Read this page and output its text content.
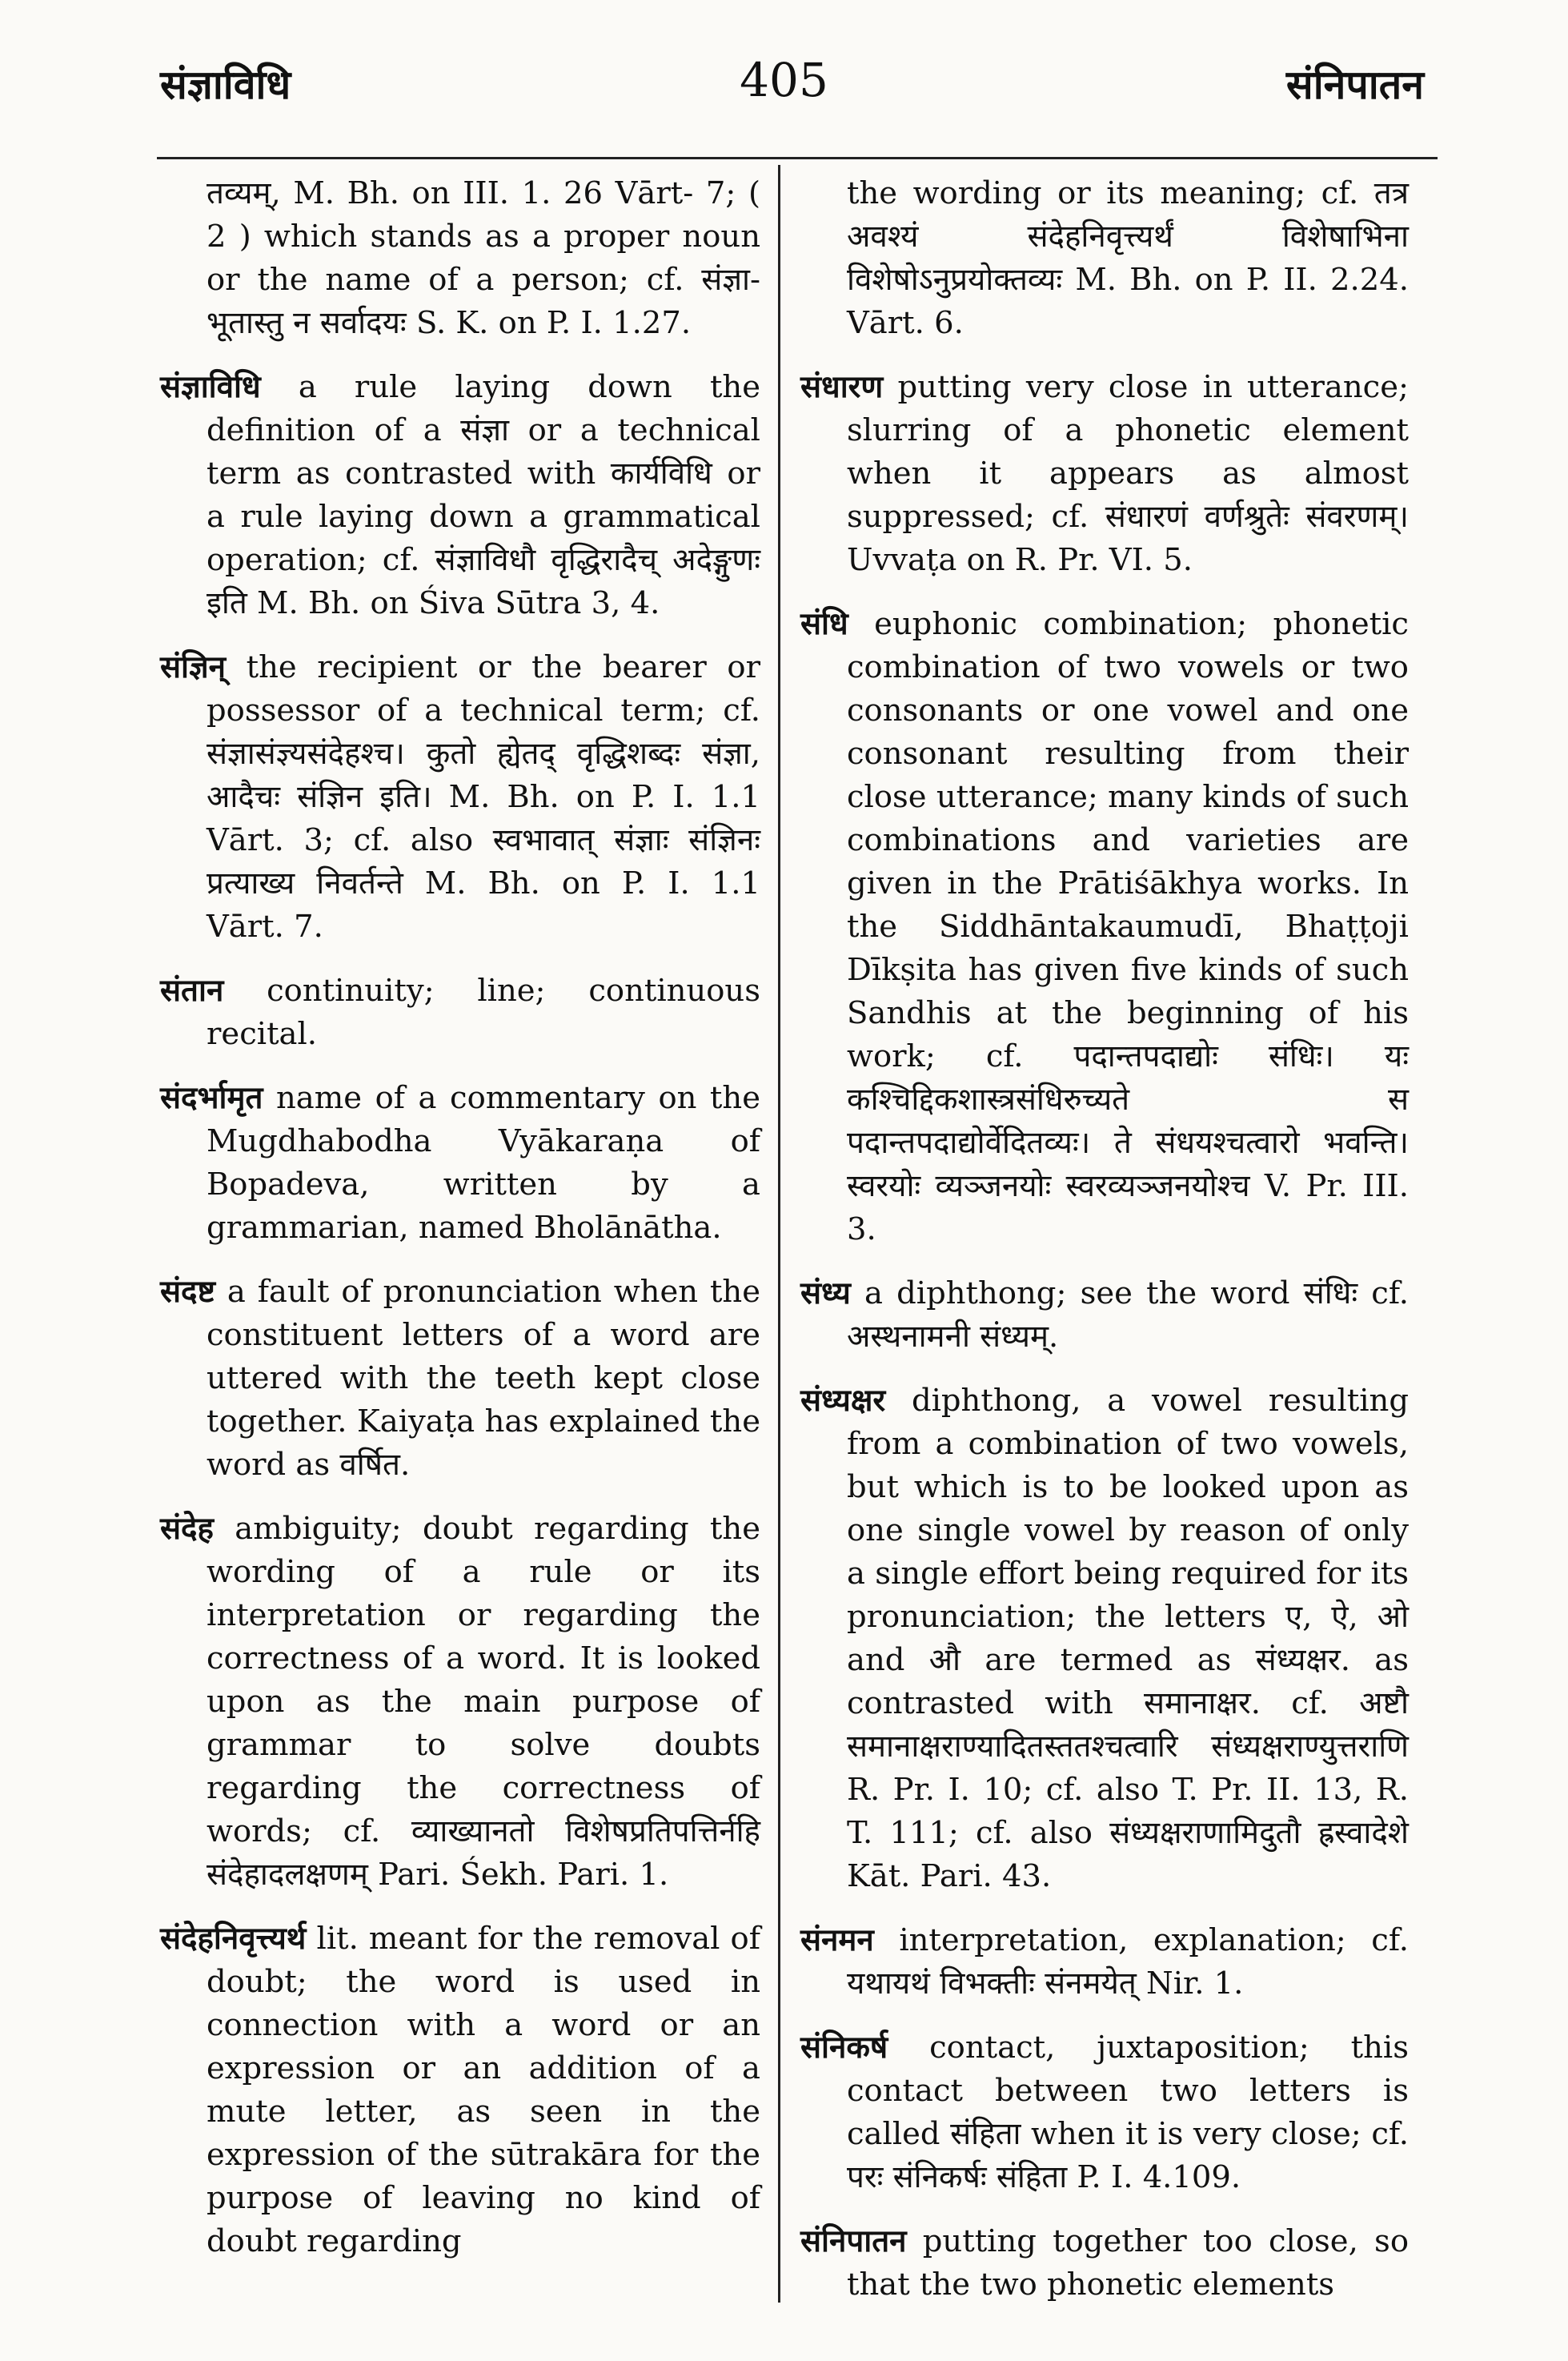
संज्ञाविधि	405	संनिपातन

तव्यम्, M. Bh. on III. 1. 26 Vārt- 7; ( 2 ) which stands as a proper noun or the name of a person; cf. संज्ञा- भूतास्तु न सर्वादयः S. K. on P. I. 1.27.

संज्ञाविधि a rule laying down the definition of a संज्ञा or a technical term as contrasted with कार्यविधि or a rule laying down a grammatical operation; cf. संज्ञाविधौ वृद्धिरादैच् अदेङ्गुणः इति M. Bh. on Śiva Sūtra 3, 4.

संज्ञिन् the recipient or the bearer or possessor of a technical term; cf. संज्ञासंज्ञ्यसंदेहश्च। कुतो ह्येतद् वृद्धिशब्दः संज्ञा, आदैचः संज्ञिन इति। M. Bh. on P. I. 1.1 Vārt. 3; cf. also स्वभावात् संज्ञाः संज्ञिनः प्रत्याख्य निवर्तन्ते M. Bh. on P. I. 1.1 Vārt. 7.

संतान continuity; line; continuous recital.

संदर्भामृत name of a commentary on the Mugdhabodha Vyākaraṇa of Bopadeva, written by a grammarian, named Bholānātha.

संदष्ट a fault of pronunciation when the constituent letters of a word are uttered with the teeth kept close together. Kaiyaṭa has explained the word as वर्षित.

संदेह ambiguity; doubt regarding the wording of a rule or its interpretation or regarding the correctness of a word. It is looked upon as the main purpose of grammar to solve doubts regarding the correctness of words; cf. व्याख्यानतो विशेषप्रतिपत्तिर्नहि संदेहादलक्षणम् Pari. Śekh. Pari. 1.

संदेहनिवृत्त्यर्थ lit. meant for the removal of doubt; the word is used in connection with a word or an expression or an addition of a mute letter, as seen in the expression of the sūtrakāra for the purpose of leaving no kind of doubt regarding

the wording or its meaning; cf. तत्र अवश्यं संदेहनिवृत्त्यर्थं विशेषाभिना विशेषोऽनुप्रयोक्तव्यः M. Bh. on P. II. 2.24. Vārt. 6.

संधारण putting very close in utterance; slurring of a phonetic element when it appears as almost suppressed; cf. संधारणं वर्णश्रुतेः संवरणम्। Uvvaṭa on R. Pr. VI. 5.

संधि euphonic combination; phonetic combination of two vowels or two consonants or one vowel and one consonant resulting from their close utterance; many kinds of such combinations and varieties are given in the Prātiśākhya works. In the Siddhāntakaumudī, Bhaṭṭoji Dīkṣita has given five kinds of such Sandhis at the beginning of his work; cf. पदान्तपदाद्योः संधिः। यः कश्चिद्दिकशास्त्रसंधिरुच्यते स पदान्तपदाद्योर्वेदितव्यः। ते संधयश्चत्वारो भवन्ति। स्वरयोः व्यञ्जनयोः स्वरव्यञ्जनयोश्च V. Pr. III. 3.

संध्य a diphthong; see the word संधिः cf. अस्थनामनी संध्यम्.

संध्यक्षर diphthong, a vowel resulting from a combination of two vowels, but which is to be looked upon as one single vowel by reason of only a single effort being required for its pronunciation; the letters ए, ऐ, ओ and औ are termed as संध्यक्षर. as contrasted with समानाक्षर. cf. अष्टौ समानाक्षराण्यादितस्ततश्चत्वारि संध्यक्षराण्युत्तराणि R. Pr. I. 10; cf. also T. Pr. II. 13, R. T. 111; cf. also संध्यक्षराणामिदुतौ ह्रस्वादेशे Kāt. Pari. 43.

संनमन interpretation, explanation; cf. यथायथं विभक्तीः संनमयेत् Nir. 1.

संनिकर्ष contact, juxtaposition; this contact between two letters is called संहिता when it is very close; cf. परः संनिकर्षः संहिता P. I. 4.109.

संनिपातन putting together too close, so that the two phonetic elements
